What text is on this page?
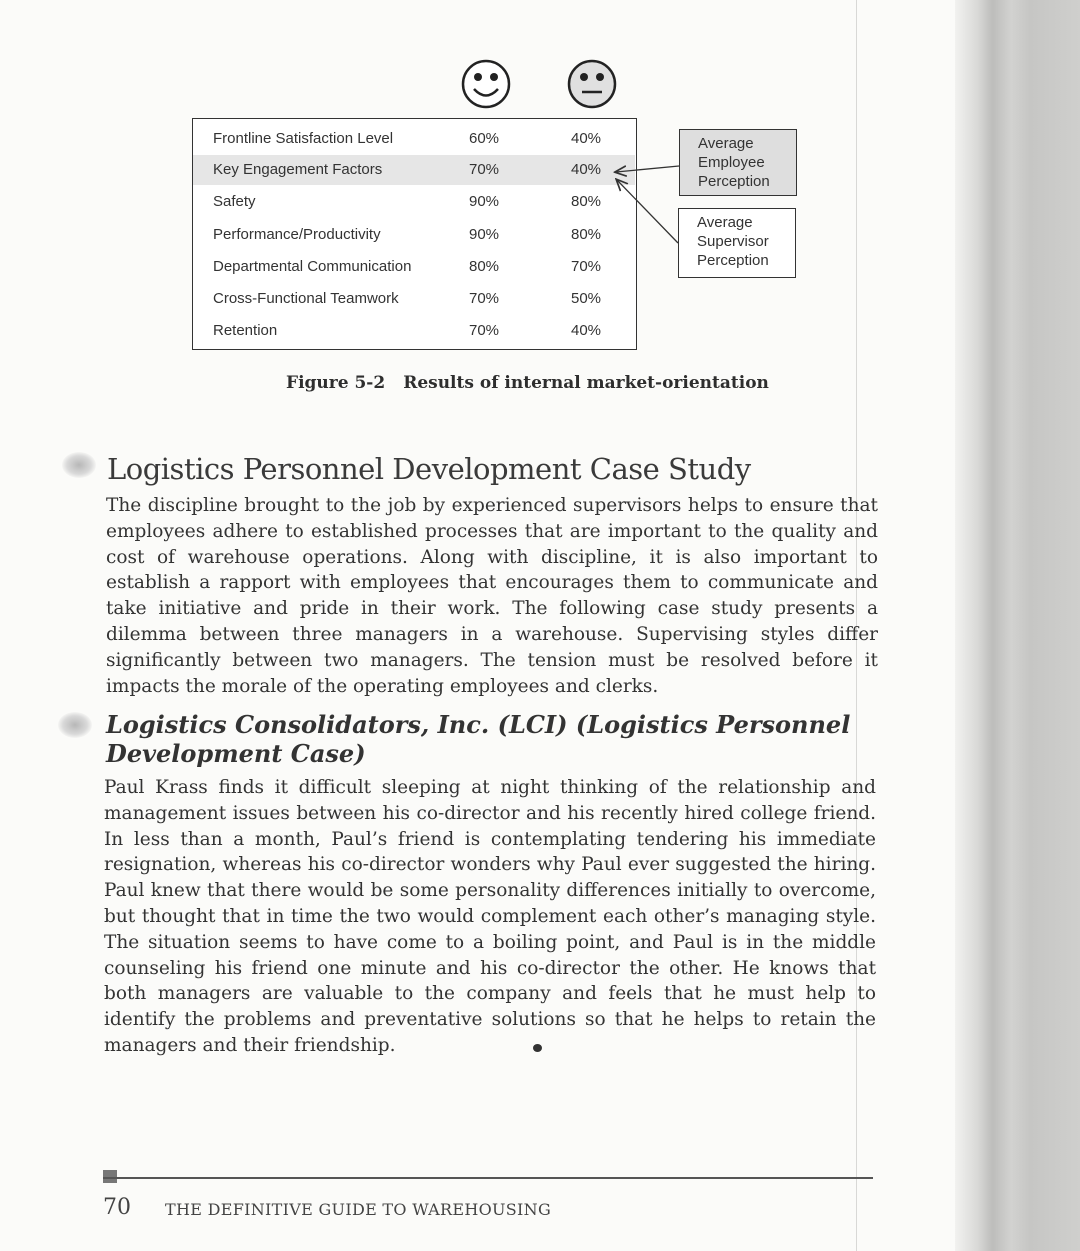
Frontline Satisfaction Level	60%	40%
Key Engagement Factors	70%	40%
Safety	90%	80%
Performance/Productivity	90%	80%
Departmental Communication	80%	70%
Cross-Functional Teamwork	70%	50%
Retention	70%	40%
Average
Employee
Perception
Average
Supervisor
Perception
Figure 5-2 Results of internal market-orientation
Logistics Personnel Development Case Study

The discipline brought to the job by experienced supervisors helps to ensure that employees adhere to established processes that are important to the quality and cost of warehouse operations. Along with discipline, it is also important to establish a rapport with employees that encourages them to communicate and take initiative and pride in their work. The following case study presents a dilemma between three managers in a warehouse. Supervising styles differ significantly between two managers. The tension must be resolved before it impacts the morale of the operating employees and clerks.

Logistics Consolidators, Inc. (LCI) (Logistics Personnel Development Case)

Paul Krass finds it difficult sleeping at night thinking of the relationship and management issues between his co-director and his recently hired college friend. In less than a month, Paul’s friend is contemplating tendering his immediate resignation, whereas his co-director wonders why Paul ever suggested the hiring. Paul knew that there would be some personality differences initially to overcome, but thought that in time the two would complement each other’s managing style. The situation seems to have come to a boiling point, and Paul is in the middle counseling his friend one minute and his co-director the other. He knows that both managers are valuable to the company and feels that he must help to identify the problems and preventative solutions so that he helps to retain the managers and their friendship.

70 THE DEFINITIVE GUIDE TO WAREHOUSING
